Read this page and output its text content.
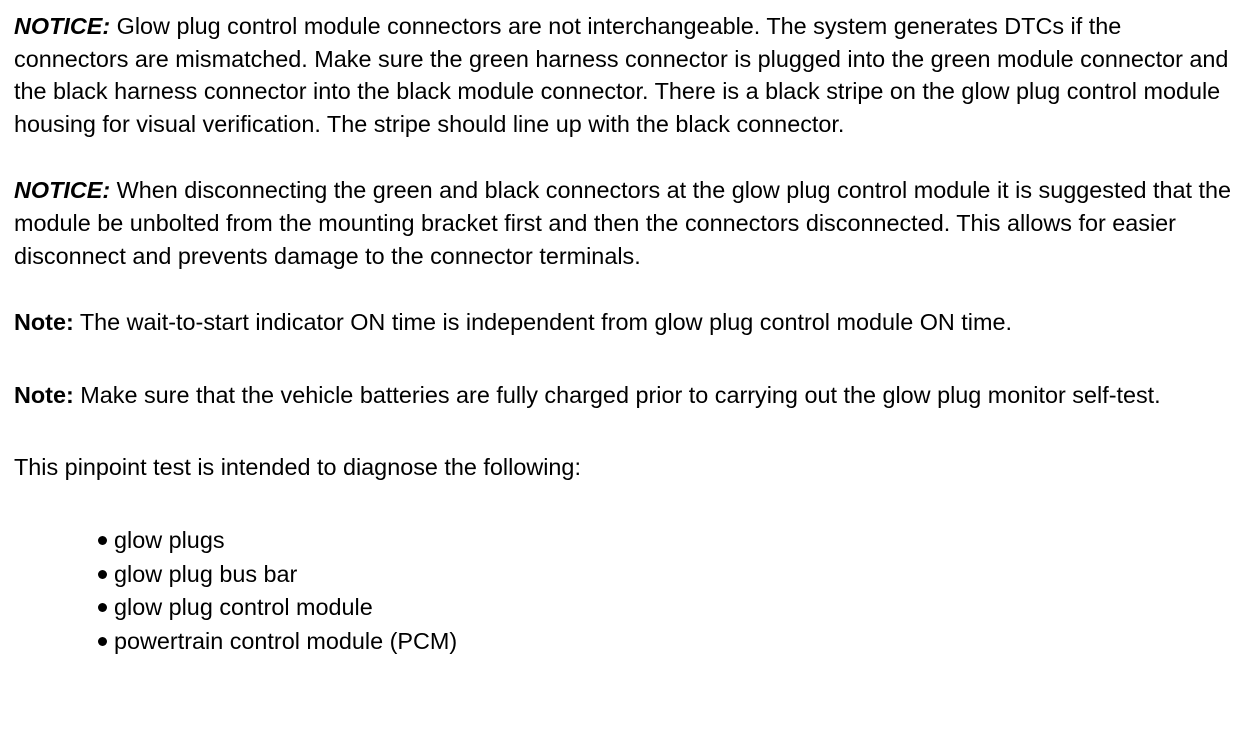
NOTICE: Glow plug control module connectors are not interchangeable. The system generates DTCs if the connectors are mismatched. Make sure the green harness connector is plugged into the green module connector and the black harness connector into the black module connector. There is a black stripe on the glow plug control module housing for visual verification. The stripe should line up with the black connector.

NOTICE: When disconnecting the green and black connectors at the glow plug control module it is suggested that the module be unbolted from the mounting bracket first and then the connectors disconnected. This allows for easier disconnect and prevents damage to the connector terminals.

Note: The wait-to-start indicator ON time is independent from glow plug control module ON time.

Note: Make sure that the vehicle batteries are fully charged prior to carrying out the glow plug monitor self-test.

This pinpoint test is intended to diagnose the following:

glow plugs
glow plug bus bar
glow plug control module
powertrain control module (PCM)
